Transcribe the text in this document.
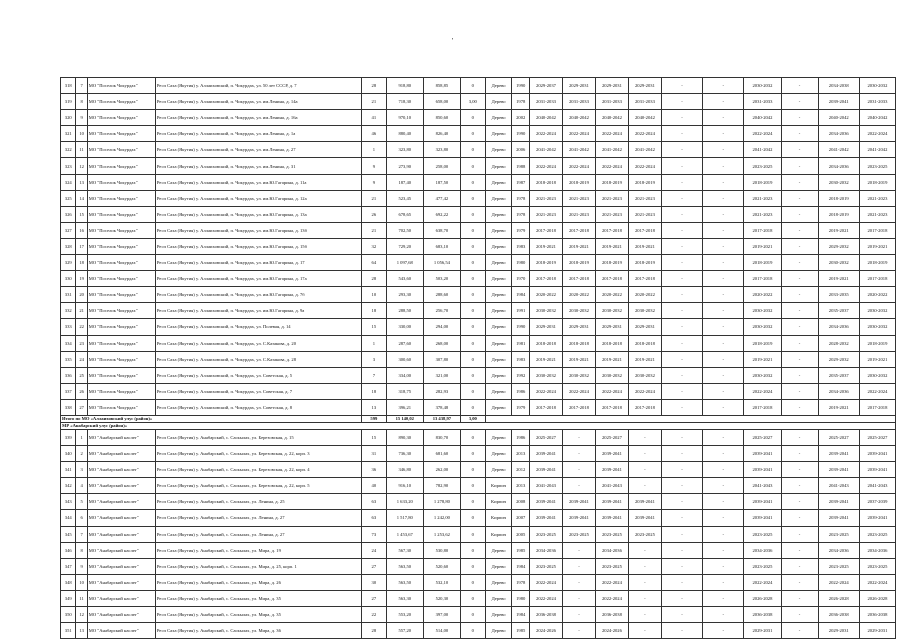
'
318	7	МО "Поселок Чокурдах"	Респ Саха (Якутия) у. Аллаиховский, п. Чокурдах, ул. 50 лет СССР, д. 7	28	918,80	858,85	0	Дерево	1990	2029-2037	2029-2031	2029-2031	2029-2031	-	-	2030-2032	-	2034-2038	2030-2032
319	8	МО "Поселок Чокурдах"	Респ Саха (Якутия) у. Аллаиховский, п. Чокурдах, ул. им.Ленина, д. 14а	21	718,30	658,00	3,00	Дерево	1978	2031-2033	2031-2033	2031-2033	2031-2033	-	-	2031-2033	-	2039-2041	2031-2033
320	9	МО "Поселок Чокурдах"	Респ Саха (Якутия) у. Аллаиховский, п. Чокурдах, ул. им.Ленина, д. 16а	41	970,10	850,60	0	Дерево	2002	2040-2042	2040-2042	2040-2042	2040-2042	-	-	2040-2042	-	2040-2042	2040-2042
321	10	МО "Поселок Чокурдах"	Респ Саха (Якутия) у. Аллаиховский, п. Чокурдах, ул. им.Ленина, д. 1а	46	880,40	826,40	0	Дерево	1990	2022-2024	2022-2024	2022-2024	2022-2024	-	-	2022-2024	-	2034-2036	2022-2024
322	11	МО "Поселок Чокурдах"	Респ Саха (Якутия) у. Аллаиховский, п. Чокурдах, ул. им.Ленина, д. 27	1	323,80	323,80	0	Дерево	2006	2041-2042	2041-2042	2041-2042	2041-2042	-	-	2041-2042	-	2041-2042	2041-2042
323	12	МО "Поселок Чокурдах"	Респ Саха (Якутия) у. Аллаиховский, п. Чокурдах, ул. им.Ленина, д. 31	9	273,90	258,00	0	Дерево	1988	2022-2024	2022-2024	2022-2024	2022-2024	-	-	2023-2025	-	2034-2036	2023-2025
324	13	МО "Поселок Чокурдах"	Респ Саха (Якутия) у. Аллаиховский, п. Чокурдах, ул. им.Ю.Гагарина, д. 11а	9	187,40	187,50	0	Дерево	1987	2018-2018	2018-2019	2018-2019	2018-2019	-	-	2018-2019	-	2030-2032	2018-2019
325	14	МО "Поселок Чокурдах"	Респ Саха (Якутия) у. Аллаиховский, п. Чокурдах, ул. им.Ю.Гагарина, д. 12а	21	523,45	477,42	0	Дерево	1978	2021-2023	2021-2023	2021-2023	2021-2023	-	-	2021-2023	-	2018-2019	2021-2023
326	15	МО "Поселок Чокурдах"	Респ Саха (Якутия) у. Аллаиховский, п. Чокурдах, ул. им.Ю.Гагарина, д. 13а	26	678,65	692,22	0	Дерево	1978	2021-2023	2021-2023	2021-2023	2021-2023	-	-	2021-2023	-	2018-2019	2021-2023
327	16	МО "Поселок Чокурдах"	Респ Саха (Якутия) у. Аллаиховский, п. Чокурдах, ул. им.Ю.Гагарина, д. 13б	21	702,50	638,70	0	Дерево	1979	2017-2018	2017-2018	2017-2018	2017-2018	-	-	2017-2018	-	2019-2021	2017-2018
328	17	МО "Поселок Чокурдах"	Респ Саха (Якутия) у. Аллаиховский, п. Чокурдах, ул. им.Ю.Гагарина, д. 15б	32	729,20	683,10	0	Дерево	1983	2019-2021	2019-2021	2019-2021	2019-2021	-	-	2019-2021	-	2029-2032	2019-2021
329	18	МО "Поселок Чокурдах"	Респ Саха (Якутия) у. Аллаиховский, п. Чокурдах, ул. им.Ю.Гагарина, д. 17	64	1 097,68	1 056,54	0	Дерево	1980	2018-2019	2018-2019	2018-2019	2018-2019	-	-	2018-2019	-	2030-2032	2018-2019
330	19	МО "Поселок Чокурдах"	Респ Саха (Якутия) у. Аллаиховский, п. Чокурдах, ул. им.Ю.Гагарина, д. 17а	28	543,60	503,20	0	Дерево	1970	2017-2018	2017-2018	2017-2018	2017-2018	-	-	2017-2018	-	2019-2021	2017-2018
331	20	МО "Поселок Чокурдах"	Респ Саха (Якутия) у. Аллаиховский, п. Чокурдах, ул. им.Ю.Гагарина, д. 7б	10	293,30	288,60	0	Дерево	1984	2020-2022	2020-2022	2020-2022	2020-2022	-	-	2020-2022	-	2033-2035	2020-2022
332	21	МО "Поселок Чокурдах"	Респ Саха (Якутия) у. Аллаиховский, п. Чокурдах, ул. им.Ю.Гагарина, д. 9а	18	288,50	256,70	0	Дерево	1991	2030-2032	2030-2032	2030-2032	2030-2032	-	-	2030-2032	-	2035-2037	2030-2032
333	22	МО "Поселок Чокурдах"	Респ Саха (Якутия) у. Аллаиховский, п. Чокурдах, ул. Полевая, д. 14	15	330,00	294,00	0	Дерево	1990	2029-2031	2029-2031	2029-2031	2029-2031	-	-	2030-2032	-	2034-2036	2030-2032
334	23	МО "Поселок Чокурдах"	Респ Саха (Якутия) у. Аллаиховский, п. Чокурдах, ул. С.Казакова, д. 20	1	287,60	268,00	0	Дерево	1981	2018-2018	2018-2018	2018-2018	2018-2018	-	-	2018-2019	-	2028-2032	2018-2019
335	24	МО "Поселок Чокурдах"	Респ Саха (Якутия) у. Аллаиховский, п. Чокурдах, ул. С.Казакова, д. 28	3	300,60	307,80	0	Дерево	1983	2019-2021	2019-2021	2019-2021	2019-2021	-	-	2019-2021	-	2029-2032	2019-2021
336	25	МО "Поселок Чокурдах"	Респ Саха (Якутия) у. Аллаиховский, п. Чокурдах, ул. Советская, д. 5	7	334,00	321,00	0	Дерево	1992	2030-2032	2030-2032	2030-2032	2030-2032	-	-	2030-2032	-	2035-2037	2030-2032
337	26	МО "Поселок Чокурдах"	Респ Саха (Якутия) у. Аллаиховский, п. Чокурдах, ул. Советская, д. 7	18	318,75	282,93	0	Дерево	1986	2022-2024	2022-2024	2022-2024	2022-2024	-	-	2022-2024	-	2034-2036	2022-2024
338	27	МО "Поселок Чокурдах"	Респ Саха (Якутия) у. Аллаиховский, п. Чокурдах, ул. Советская, д. 8	13	396,21	378,48	0	Дерево	1979	2017-2018	2017-2018	2017-2018	2017-2018	-	-	2017-2018	-	2019-2021	2017-2018
Итого по МО «Аллаиховский улус (район)»				599	15 140,02	13 438,97	3,00												
МР «Анабарский улус (район)»																			
339	1	МО "Анабарский наслег"	Респ Саха (Якутия) у. Анабарский, с. Саскылах, ул. Березовская, д. 15	15	890,30	830,70	0	Дерево	1986	2025-2027	-	2025-2027	-	-	-	2025-2027	-	2025-2027	2025-2027
340	2	МО "Анабарский наслег"	Респ Саха (Якутия) у. Анабарский, с. Саскылах, ул. Березовская, д. 22, корп. 3	31	736,30	681,60	0	Дерево	2013	2039-2041	-	2039-2041	-	-	-	2039-2041	-	2039-2041	2039-2041
341	3	МО "Анабарский наслег"	Респ Саха (Якутия) у. Анабарский, с. Саскылах, ул. Березовская, д. 22, корп. 4	36	346,80	262,00	0	Дерево	2012	2039-2041	-	2039-2041	-	-	-	2039-2041	-	2039-2041	2039-2041
342	4	МО "Анабарский наслег"	Респ Саха (Якутия) у. Анабарский, с. Саскылах, ул. Березовская, д. 22, корп. 5	40	916,10	782,90	0	Кирпич	2013	2041-2043	-	2041-2043	-	-	-	2041-2043	-	2041-2043	2041-2043
343	5	МО "Анабарский наслег"	Респ Саха (Якутия) у. Анабарский, с. Саскылах, ул. Ленина, д. 25	63	1 633,20	1 278,80	0	Кирпич	2008	2039-2041	2039-2041	2039-2041	2039-2041	-	-	2039-2041	-	2039-2041	2037-2039
344	6	МО "Анабарский наслег"	Респ Саха (Якутия) у. Анабарский, с. Саскылах, ул. Ленина, д. 27	63	1 517,80	1 242,00	0	Кирпич	2007	2039-2041	2039-2041	2039-2041	2039-2041	-	-	2039-2041	-	2039-2041	2039-2041
345	7	МО "Анабарский наслег"	Респ Саха (Якутия) у. Анабарский, с. Саскылах, ул. Ленина, д. 27	73	1 453,67	1 253,62	0	Кирпич	2005	2023-2025	2023-2025	2023-2025	2023-2025	-	-	2023-2025	-	2023-2025	2023-2025
346	8	МО "Анабарский наслег"	Респ Саха (Якутия) у. Анабарский, с. Саскылах, ул. Мира, д. 19	24	567,30	530,80	0	Дерево	1985	2034-2036	-	2034-2036	-	-	-	2034-2036	-	2034-2036	2034-2036
347	9	МО "Анабарский наслег"	Респ Саха (Якутия) у. Анабарский, с. Саскылах, ул. Мира, д. 25, корп. 1	27	563,50	520,60	0	Дерево	1984	2023-2025	-	2023-2025	-	-	-	2023-2025	-	2023-2025	2023-2025
348	10	МО "Анабарский наслег"	Респ Саха (Якутия) у. Анабарский, с. Саскылах, ул. Мира, д. 26	30	563,50	532,10	0	Дерево	1978	2022-2024	-	2022-2024	-	-	-	2022-2024	-	2022-2024	2022-2024
349	11	МО "Анабарский наслег"	Респ Саха (Якутия) у. Анабарский, с. Саскылах, ул. Мира, д. 35	27	563,30	520,30	0	Дерево	1980	2022-2024	-	2022-2024	-	-	-	2026-2028	-	2026-2028	2026-2028
350	12	МО "Анабарский наслег"	Респ Саха (Якутия) у. Анабарский, с. Саскылах, ул. Мира, д. 35	22	553,20	397,00	0	Дерево	1984	2036-2038	-	2036-2038	-	-	-	2036-2038	-	2036-2038	2036-2038
351	13	МО "Анабарский наслег"	Респ Саха (Якутия) у. Анабарский, с. Саскылах, ул. Мира, д. 36	28	557,20	514,00	0	Дерево	1985	2024-2026	-	2024-2026	-	-	-	2029-2031	-	2029-2031	2029-2031
